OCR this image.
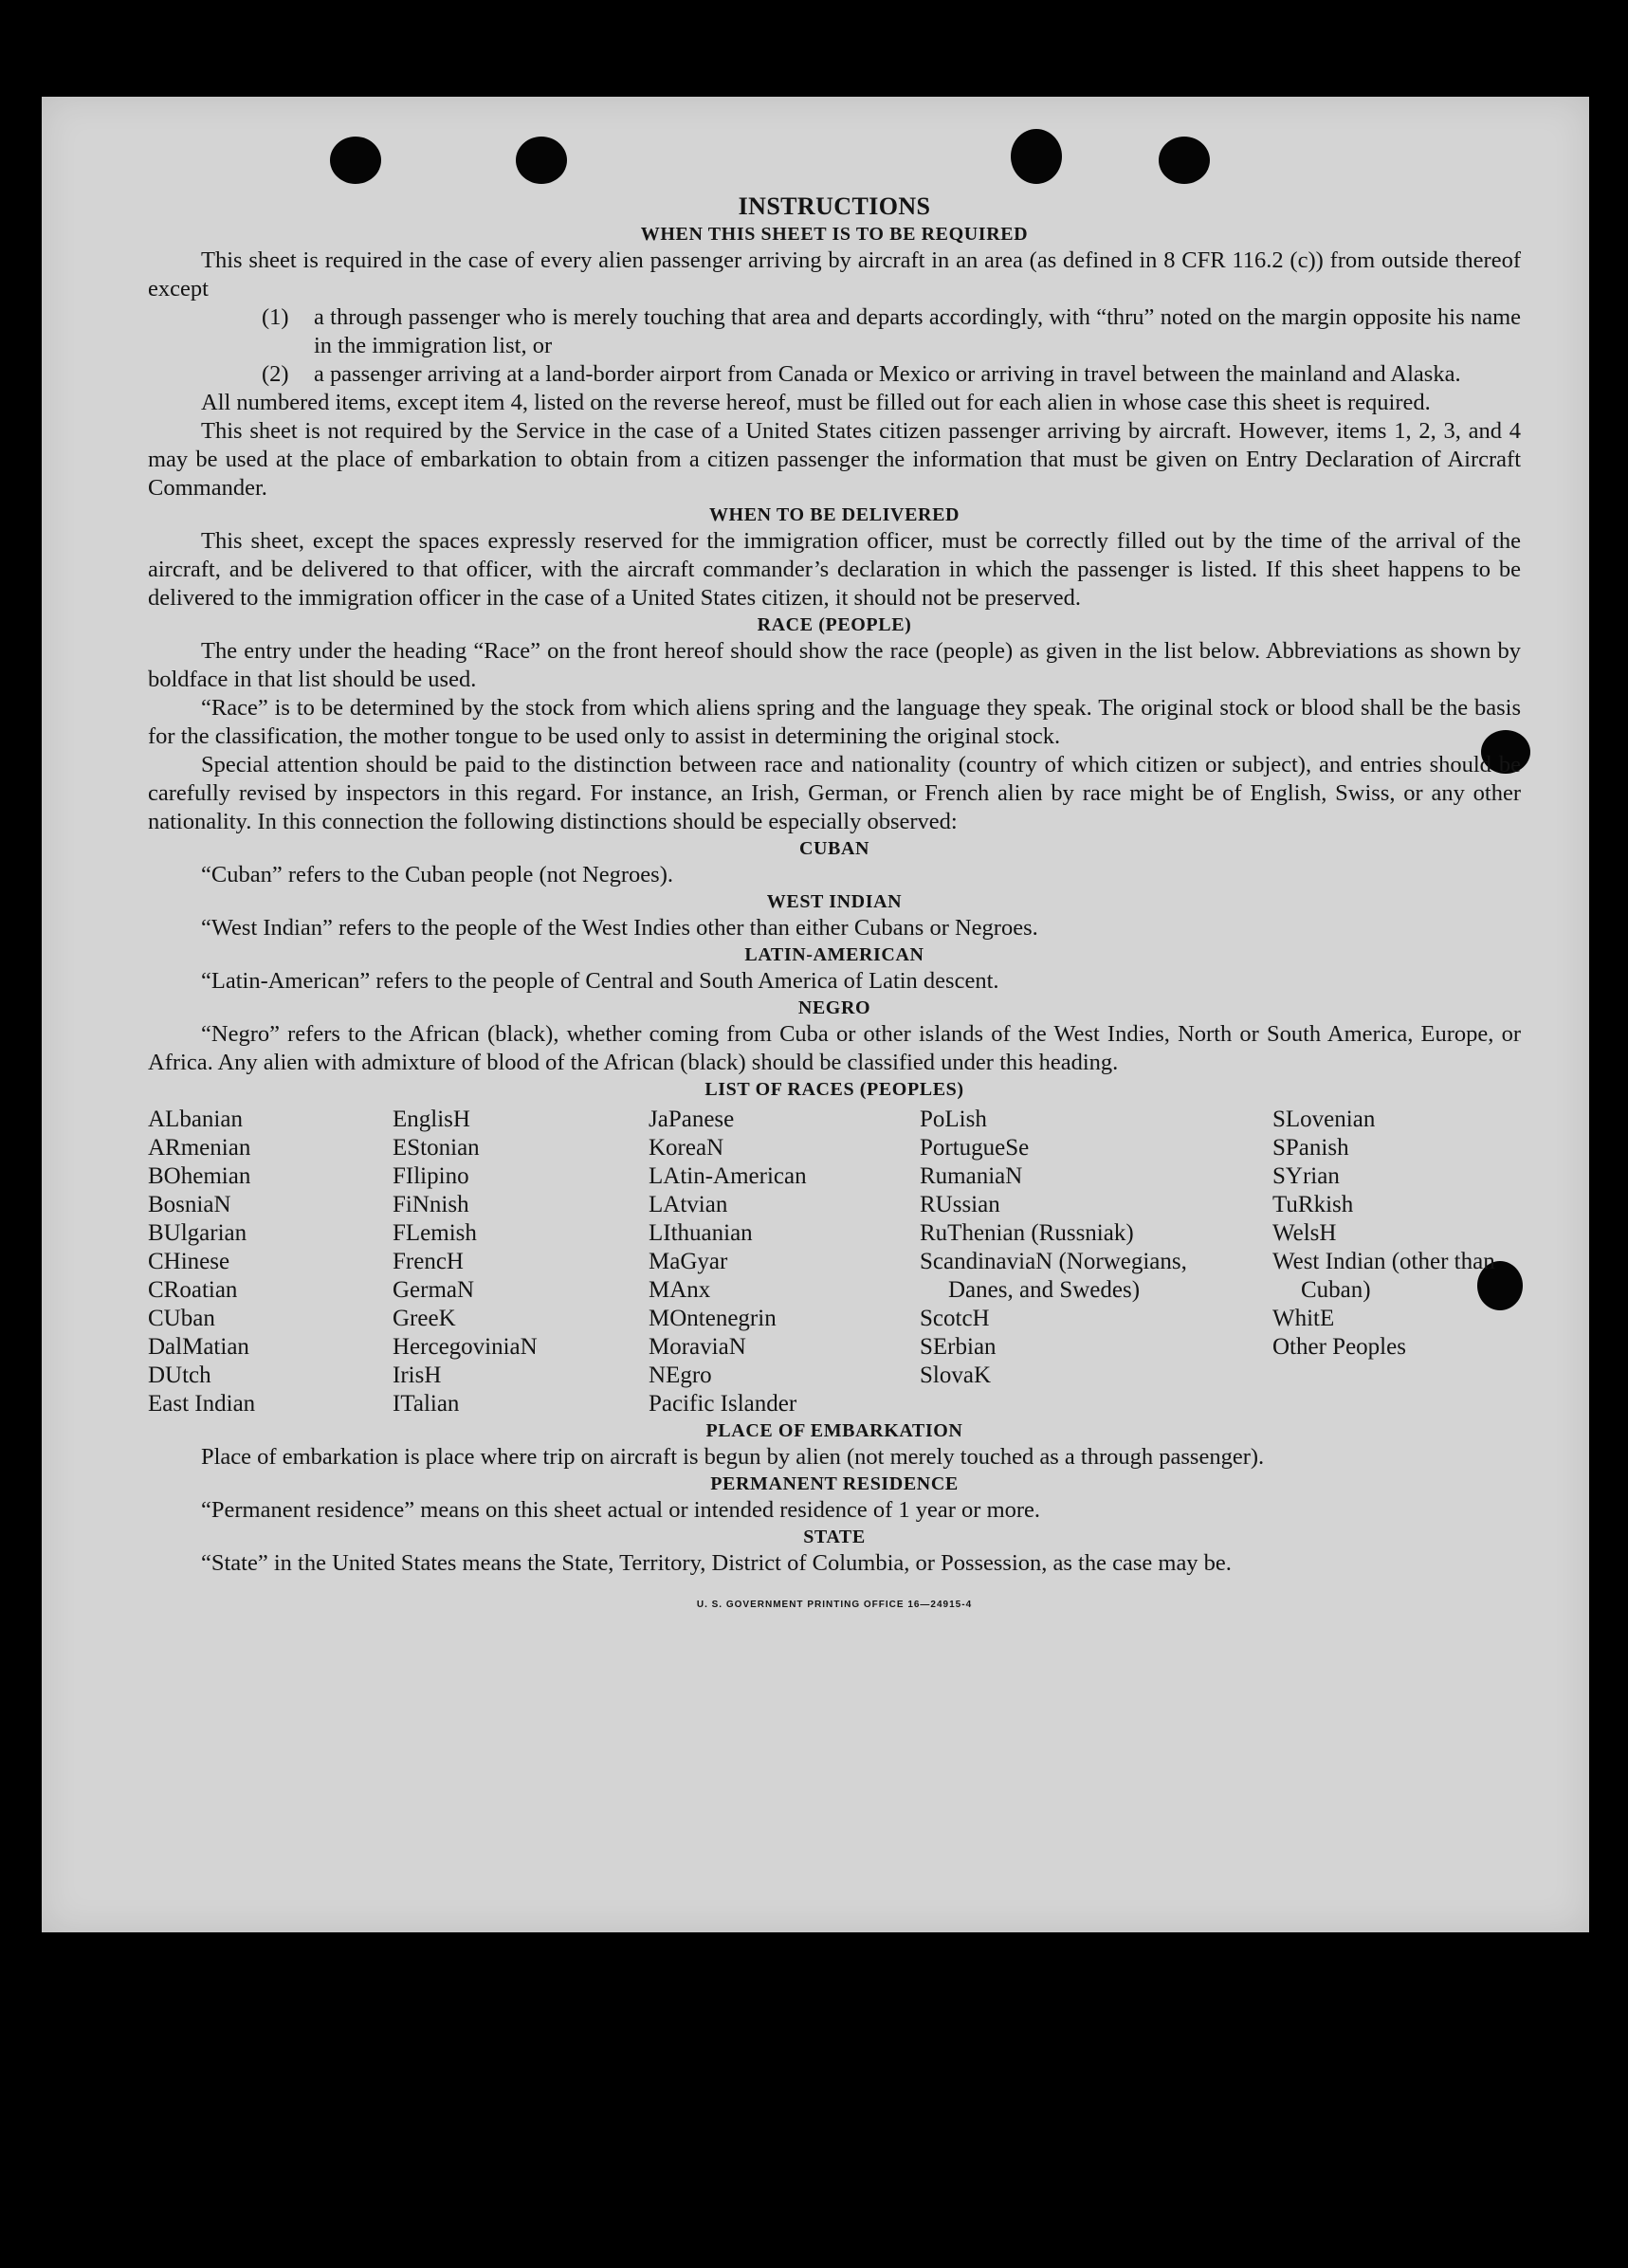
INSTRUCTIONS
WHEN THIS SHEET IS TO BE REQUIRED

This sheet is required in the case of every alien passenger arriving by aircraft in an area (as defined in 8 CFR 116.2 (c)) from outside thereof except

(1)	a through passenger who is merely touching that area and departs accordingly, with “thru” noted on the margin opposite his name in the immigration list, or
(2)	a passenger arriving at a land-border airport from Canada or Mexico or arriving in travel between the mainland and Alaska.

All numbered items, except item 4, listed on the reverse hereof, must be filled out for each alien in whose case this sheet is required.

This sheet is not required by the Service in the case of a United States citizen passenger arriving by aircraft. However, items 1, 2, 3, and 4 may be used at the place of embarkation to obtain from a citizen passenger the information that must be given on Entry Declaration of Aircraft Commander.

WHEN TO BE DELIVERED

This sheet, except the spaces expressly reserved for the immigration officer, must be correctly filled out by the time of the arrival of the aircraft, and be delivered to that officer, with the aircraft commander’s declaration in which the passenger is listed. If this sheet happens to be delivered to the immigration officer in the case of a United States citizen, it should not be preserved.

RACE (PEOPLE)

The entry under the heading “Race” on the front hereof should show the race (people) as given in the list below. Abbreviations as shown by boldface in that list should be used.

“Race” is to be determined by the stock from which aliens spring and the language they speak. The original stock or blood shall be the basis for the classification, the mother tongue to be used only to assist in determining the original stock.

Special attention should be paid to the distinction between race and nationality (country of which citizen or subject), and entries should be carefully revised by inspectors in this regard. For instance, an Irish, German, or French alien by race might be of English, Swiss, or any other nationality. In this connection the following distinctions should be especially observed:

CUBAN
“Cuban” refers to the Cuban people (not Negroes).
WEST INDIAN
“West Indian” refers to the people of the West Indies other than either Cubans or Negroes.
LATIN-AMERICAN
“Latin-American” refers to the people of Central and South America of Latin descent.
NEGRO

“Negro” refers to the African (black), whether coming from Cuba or other islands of the West Indies, North or South America, Europe, or Africa. Any alien with admixture of blood of the African (black) should be classified under this heading.

LIST OF RACES (PEOPLES)
ALbanian
ARmenian
BOhemian
BosniaN
BUlgarian
CHinese
CRoatian
CUban
DalMatian
DUtch
East Indian
EnglisH
EStonian
FIlipino
FiNnish
FLemish
FrencH
GermaN
GreeK
HercegoviniaN
IrisH
ITalian
JaPanese
KoreaN
LAtin-American
LAtvian
LIthuanian
MaGyar
MAnx
MOntenegrin
MoraviaN
NEgro
Pacific Islander
PoLish
PortugueSe
RumaniaN
RUssian
RuThenian (Russniak)
ScandinaviaN (Norwegians, Danes, and Swedes)
ScotcH
SErbian
SlovaK
SLovenian
SPanish
SYrian
TuRkish
WelsH
West Indian (other than Cuban)
WhitE
Other Peoples
PLACE OF EMBARKATION

Place of embarkation is place where trip on aircraft is begun by alien (not merely touched as a through passenger).

PERMANENT RESIDENCE
“Permanent residence” means on this sheet actual or intended residence of 1 year or more.
STATE

“State” in the United States means the State, Territory, District of Columbia, or Possession, as the case may be.

U. S. GOVERNMENT PRINTING OFFICE 16—24915-4
